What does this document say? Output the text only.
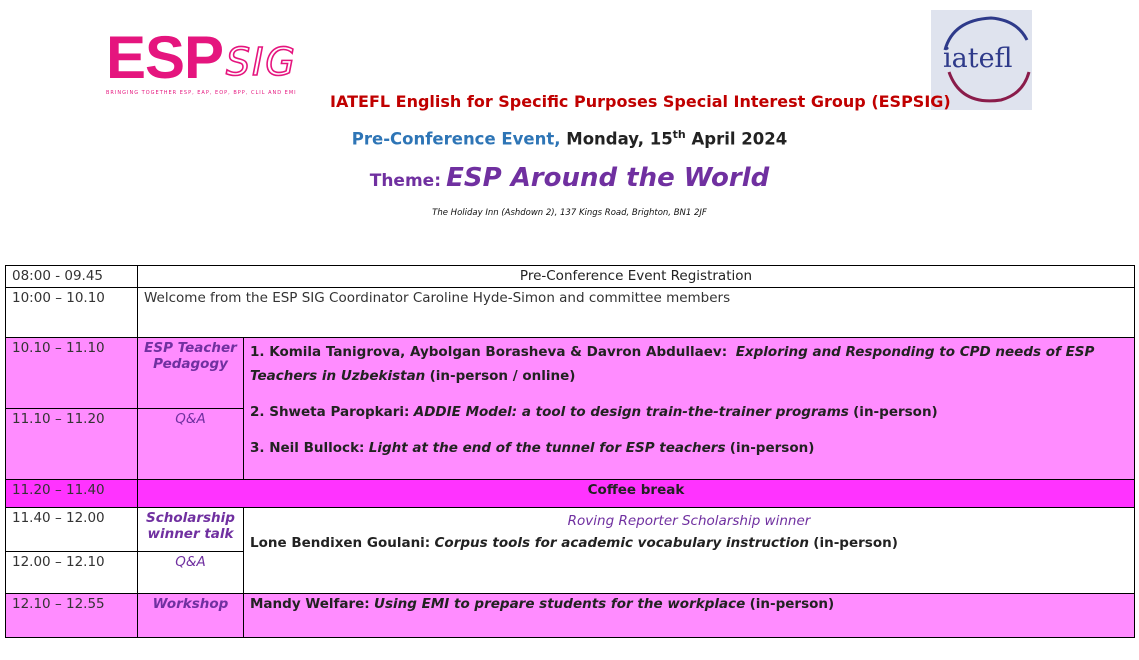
ESP SIG
BRINGING TOGETHER ESP, EAP, EOP, BPP, CLIL AND EMI
iatefl
IATEFL English for Specific Purposes Special Interest Group (ESPSIG)
Pre-Conference Event, Monday, 15th April 2024
Theme: ESP Around the World
The Holiday Inn (Ashdown 2), 137 Kings Road, Brighton, BN1 2JF
08:00 - 09.45	Pre-Conference Event Registration	
10:00 – 10.10	Welcome from the ESP SIG Coordinator Caroline Hyde-Simon and committee members	
10.10 – 11.10	ESP Teacher Pedagogy	1. Komila Tanigrova, Aybolgan Borasheva & Davron Abdullaev: Exploring and Responding to CPD needs of ESP Teachers in Uzbekistan (in-person / online)
2. Shweta Paropkari: ADDIE Model: a tool to design train-the-trainer programs (in-person)
3. Neil Bullock: Light at the end of the tunnel for ESP teachers (in-person)

11.10 – 11.20	Q&A	
11.20 – 11.40	Coffee break	
11.40 – 12.00	Scholarship winner talk	Roving Reporter Scholarship winner
Lone Bendixen Goulani: Corpus tools for academic vocabulary instruction (in-person)

12.00 – 12.10	Q&A	
12.10 – 12.55	Workshop	Mandy Welfare: Using EMI to prepare students for the workplace (in-person)
